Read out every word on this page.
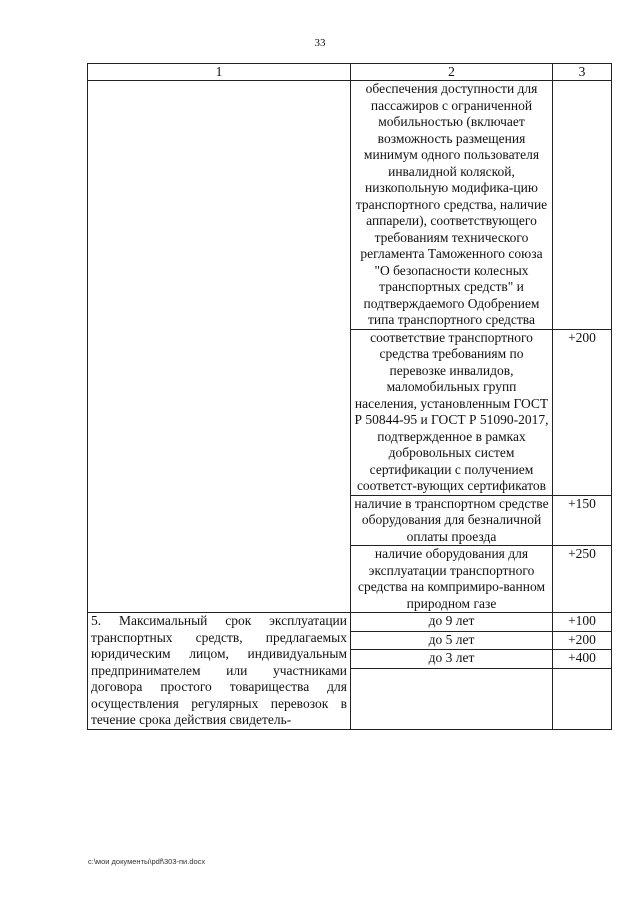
33
1	2	3
	обеспечения доступности для пассажиров с ограниченной мобильностью (включает возможность размещения минимум одного пользователя инвалидной коляской, низкопольную модифика-цию транспортного средства, наличие аппарели), соответствующего требованиям технического регламента Таможенного союза "О безопасности колесных транспортных средств" и подтверждаемого Одобрением типа транспортного средства	
	соответствие транспортного средства требованиям по перевозке инвалидов, маломобильных групп населения, установленным ГОСТ Р 50844-95 и ГОСТ Р 51090-2017, подтвержденное в рамках добровольных систем сертификации с получением соответст-вующих сертификатов	+200
	наличие в транспортном средстве оборудования для безналичной оплаты проезда	+150
	наличие оборудования для эксплуатации транспортного средства на компримиро-ванном природном газе	+250
5. Максимальный срок эксплуатации транспортных средств, предлагаемых юридическим лицом, индивидуальным предпринимателем или участниками договора простого товарищества для осуществления регулярных перевозок в течение срока действия свидетель-	до 9 лет	+100
	до 5 лет	+200
	до 3 лет	+400

c:\мои документы\pdf\303-пи.docx
